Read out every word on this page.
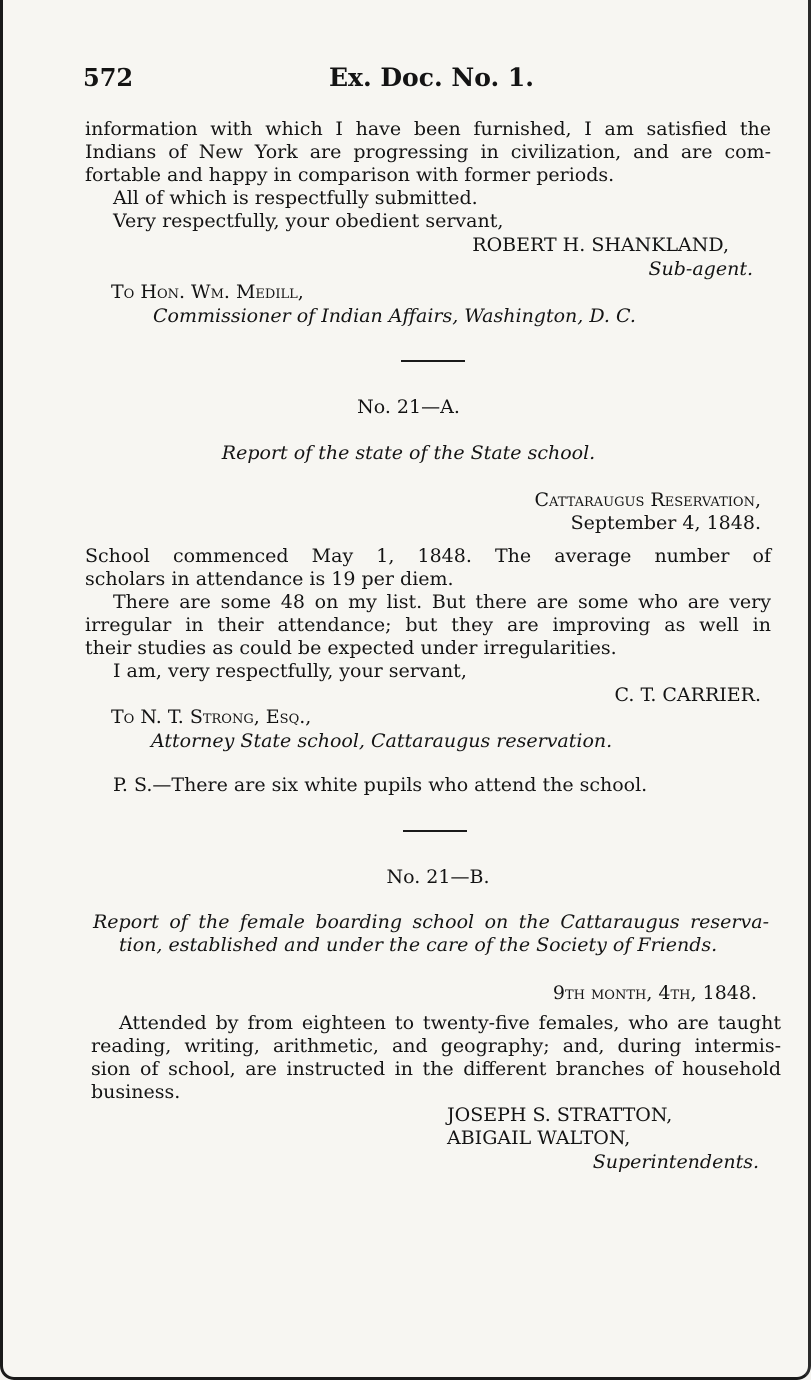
572	Ex. Doc. No. 1.
information with which I have been furnished, I am satisfied the
Indians of New York are progressing in civilization, and are com-
fortable and happy in comparison with former periods.
All of which is respectfully submitted.
Very respectfully, your obedient servant,
ROBERT H. SHANKLAND,
Sub-agent.
To Hon. Wm. Medill,
Commissioner of Indian Affairs, Washington, D. C.
No. 21—A.
Report of the state of the State school.
Cattaraugus Reservation,
September 4, 1848.
School commenced May 1, 1848. The average number of
scholars in attendance is 19 per diem.
There are some 48 on my list. But there are some who are very
irregular in their attendance; but they are improving as well in
their studies as could be expected under irregularities.
I am, very respectfully, your servant,
C. T. CARRIER.
To N. T. Strong, Esq.,
Attorney State school, Cattaraugus reservation.
P. S.—There are six white pupils who attend the school.
No. 21—B.
Report of the female boarding school on the Cattaraugus reserva-
tion, established and under the care of the Society of Friends.
9th month, 4th, 1848.
Attended by from eighteen to twenty-five females, who are taught
reading, writing, arithmetic, and geography; and, during intermis-
sion of school, are instructed in the different branches of household
business.
JOSEPH S. STRATTON,
ABIGAIL WALTON,
Superintendents.
